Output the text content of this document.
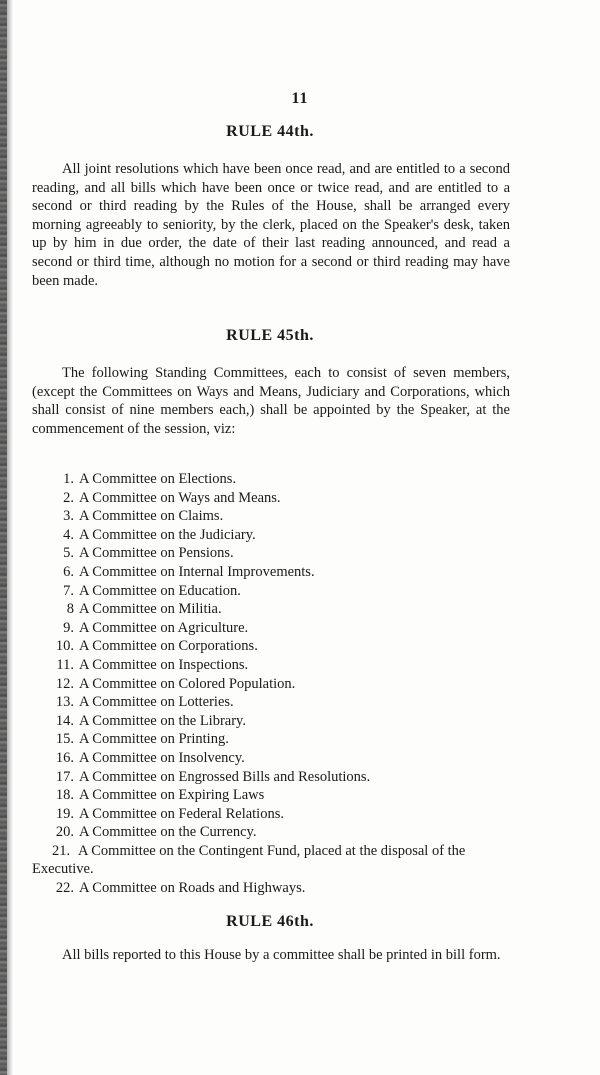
11
RULE 44th.

All joint resolutions which have been once read, and are entitled to a second reading, and all bills which have been once or twice read, and are entitled to a second or third reading by the Rules of the House, shall be arranged every morning agreeably to seniority, by the clerk, placed on the Speaker's desk, taken up by him in due order, the date of their last reading announced, and read a second or third time, although no motion for a second or third reading may have been made.

RULE 45th.

The following Standing Committees, each to consist of seven members, (except the Committees on Ways and Means, Judiciary and Corporations, which shall consist of nine members each,) shall be appointed by the Speaker, at the commencement of the session, viz:

1. A Committee on Elections.
2. A Committee on Ways and Means.
3. A Committee on Claims.
4. A Committee on the Judiciary.
5. A Committee on Pensions.
6. A Committee on Internal Improvements.
7. A Committee on Education.
8 A Committee on Militia.
9. A Committee on Agriculture.
10. A Committee on Corporations.
11. A Committee on Inspections.
12. A Committee on Colored Population.
13. A Committee on Lotteries.
14. A Committee on the Library.
15. A Committee on Printing.
16. A Committee on Insolvency.
17. A Committee on Engrossed Bills and Resolutions.
18. A Committee on Expiring Laws
19. A Committee on Federal Relations.
20. A Committee on the Currency.
21. A Committee on the Contingent Fund, placed at the disposal of the Executive.
22. A Committee on Roads and Highways.
RULE 46th.

All bills reported to this House by a committee shall be printed in bill form.
